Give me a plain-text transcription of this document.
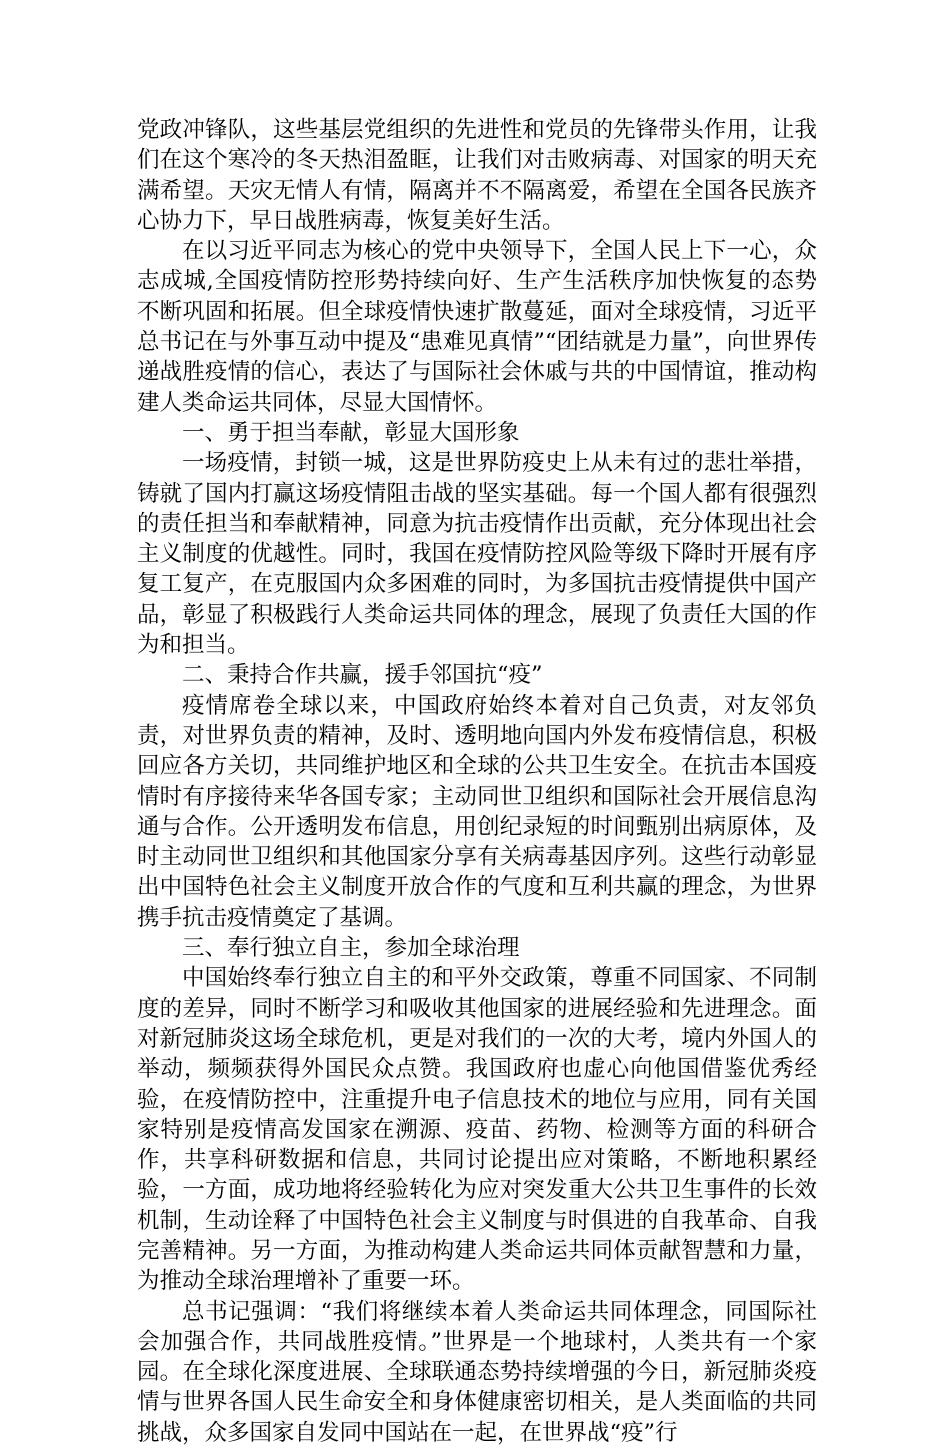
党政冲锋队，这些基层党组织的先进性和党员的先锋带头作用，让我们在这个寒冷的冬天热泪盈眶，让我们对击败病毒、对国家的明天充满希望。天灾无情人有情，隔离并不不隔离爱，希望在全国各民族齐心协力下，早日战胜病毒，恢复美好生活。

在以习近平同志为核心的党中央领导下，全国人民上下一心，众志成城,全国疫情防控形势持续向好、生产生活秩序加快恢复的态势不断巩固和拓展。但全球疫情快速扩散蔓延，面对全球疫情，习近平总书记在与外事互动中提及“患难见真情”“团结就是力量”，向世界传递战胜疫情的信心，表达了与国际社会休戚与共的中国情谊，推动构建人类命运共同体，尽显大国情怀。

一、勇于担当奉献，彰显大国形象

一场疫情，封锁一城，这是世界防疫史上从未有过的悲壮举措，铸就了国内打赢这场疫情阻击战的坚实基础。每一个国人都有很强烈的责任担当和奉献精神，同意为抗击疫情作出贡献，充分体现出社会主义制度的优越性。同时，我国在疫情防控风险等级下降时开展有序复工复产，在克服国内众多困难的同时，为多国抗击疫情提供中国产品，彰显了积极践行人类命运共同体的理念，展现了负责任大国的作为和担当。

二、秉持合作共赢，援手邻国抗“疫”

疫情席卷全球以来，中国政府始终本着对自己负责，对友邻负责，对世界负责的精神，及时、透明地向国内外发布疫情信息，积极回应各方关切，共同维护地区和全球的公共卫生安全。在抗击本国疫情时有序接待来华各国专家；主动同世卫组织和国际社会开展信息沟通与合作。公开透明发布信息，用创纪录短的时间甄别出病原体，及时主动同世卫组织和其他国家分享有关病毒基因序列。这些行动彰显出中国特色社会主义制度开放合作的气度和互利共赢的理念，为世界携手抗击疫情奠定了基调。

三、奉行独立自主，参加全球治理

中国始终奉行独立自主的和平外交政策，尊重不同国家、不同制度的差异，同时不断学习和吸收其他国家的进展经验和先进理念。面对新冠肺炎这场全球危机，更是对我们的一次的大考，境内外国人的举动，频频获得外国民众点赞。我国政府也虚心向他国借鉴优秀经验，在疫情防控中，注重提升电子信息技术的地位与应用，同有关国家特别是疫情高发国家在溯源、疫苗、药物、检测等方面的科研合作，共享科研数据和信息，共同讨论提出应对策略，不断地积累经验，一方面，成功地将经验转化为应对突发重大公共卫生事件的长效机制，生动诠释了中国特色社会主义制度与时俱进的自我革命、自我完善精神。另一方面，为推动构建人类命运共同体贡献智慧和力量，为推动全球治理增补了重要一环。

总书记强调：“我们将继续本着人类命运共同体理念，同国际社会加强合作，共同战胜疫情。”世界是一个地球村，人类共有一个家园。在全球化深度进展、全球联通态势持续增强的今日，新冠肺炎疫情与世界各国人民生命安全和身体健康密切相关，是人类面临的共同挑战，众多国家自发同中国站在一起，在世界战“疫”行
